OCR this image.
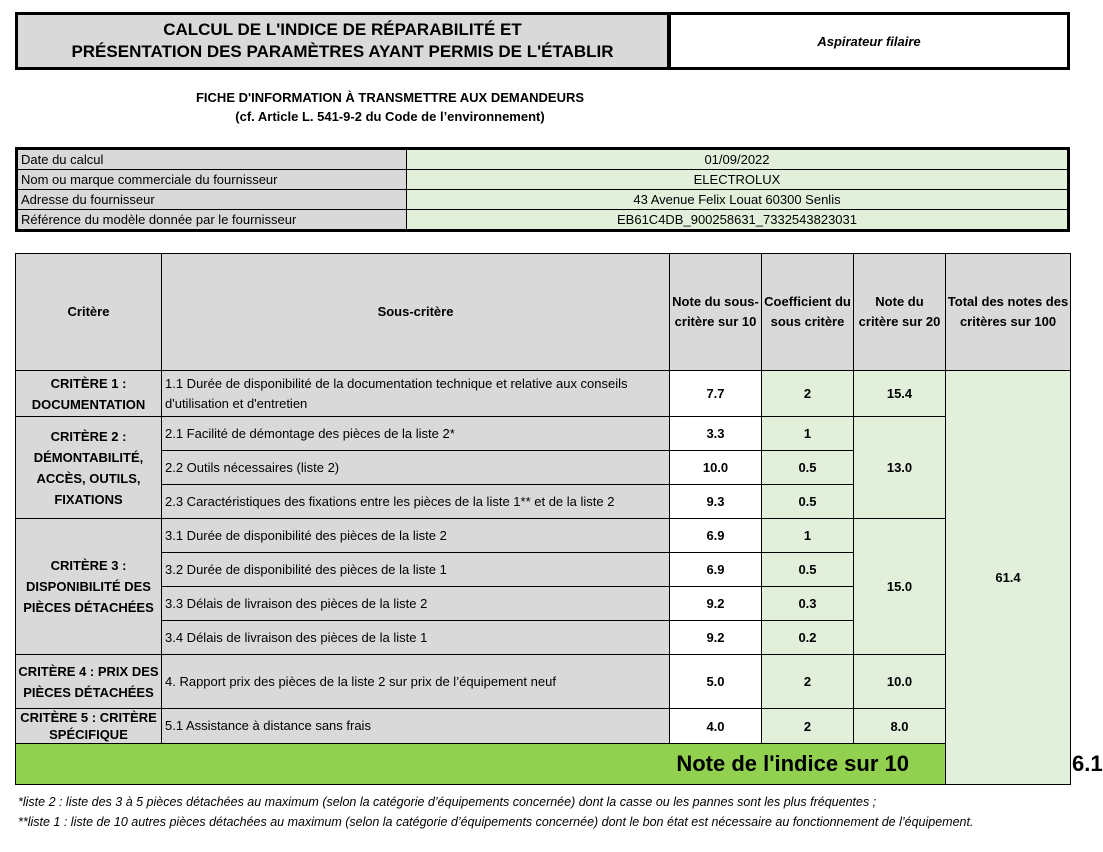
CALCUL DE L'INDICE DE RÉPARABILITÉ ET
PRÉSENTATION DES PARAMÈTRES AYANT PERMIS DE L'ÉTABLIR
Aspirateur filaire
FICHE D'INFORMATION À TRANSMETTRE AUX DEMANDEURS
(cf. Article L. 541-9-2 du Code de l’environnement)
Date du calcul	01/09/2022
Nom ou marque commerciale du fournisseur	ELECTROLUX
Adresse du fournisseur	43 Avenue Felix Louat 60300 Senlis
Référence du modèle donnée par le fournisseur	EB61C4DB_900258631_7332543823031
Critère	Sous-critère	Note du sous-critère sur 10	Coefficient du sous critère	Note du critère sur 20	Total des notes des critères sur 100	
CRITÈRE 1 : DOCUMENTATION	1.1 Durée de disponibilité de la documentation technique et relative aux conseils d'utilisation et d'entretien	7.7	2	15.4	61.4	
CRITÈRE 2 : DÉMONTABILITÉ, ACCÈS, OUTILS, FIXATIONS	2.1 Facilité de démontage des pièces de la liste 2*	3.3	1	13.0		
	2.2 Outils nécessaires (liste 2)	10.0	0.5			
	2.3 Caractéristiques des fixations entre les pièces de la liste 1** et de la liste 2	9.3	0.5			
CRITÈRE 3 : DISPONIBILITÉ DES PIÈCES DÉTACHÉES	3.1 Durée de disponibilité des pièces de la liste 2	6.9	1	15.0		
	3.2 Durée de disponibilité des pièces de la liste 1	6.9	0.5			
	3.3 Délais de livraison des pièces de la liste 2	9.2	0.3			
	3.4 Délais de livraison des pièces de la liste 1	9.2	0.2			
CRITÈRE 4 : PRIX DES PIÈCES DÉTACHÉES	4. Rapport prix des pièces de la liste 2 sur prix de l’équipement neuf	5.0	2	10.0		
CRITÈRE 5 : CRITÈRE SPÉCIFIQUE	5.1 Assistance à distance sans frais	4.0	2	8.0		
Note de l'indice sur 10						6.1
*liste 2 : liste des 3 à 5 pièces détachées au maximum (selon la catégorie d’équipements concernée) dont la casse ou les pannes sont les plus fréquentes ;
**liste 1 : liste de 10 autres pièces détachées au maximum (selon la catégorie d’équipements concernée) dont le bon état est nécessaire au fonctionnement de l’équipement.
